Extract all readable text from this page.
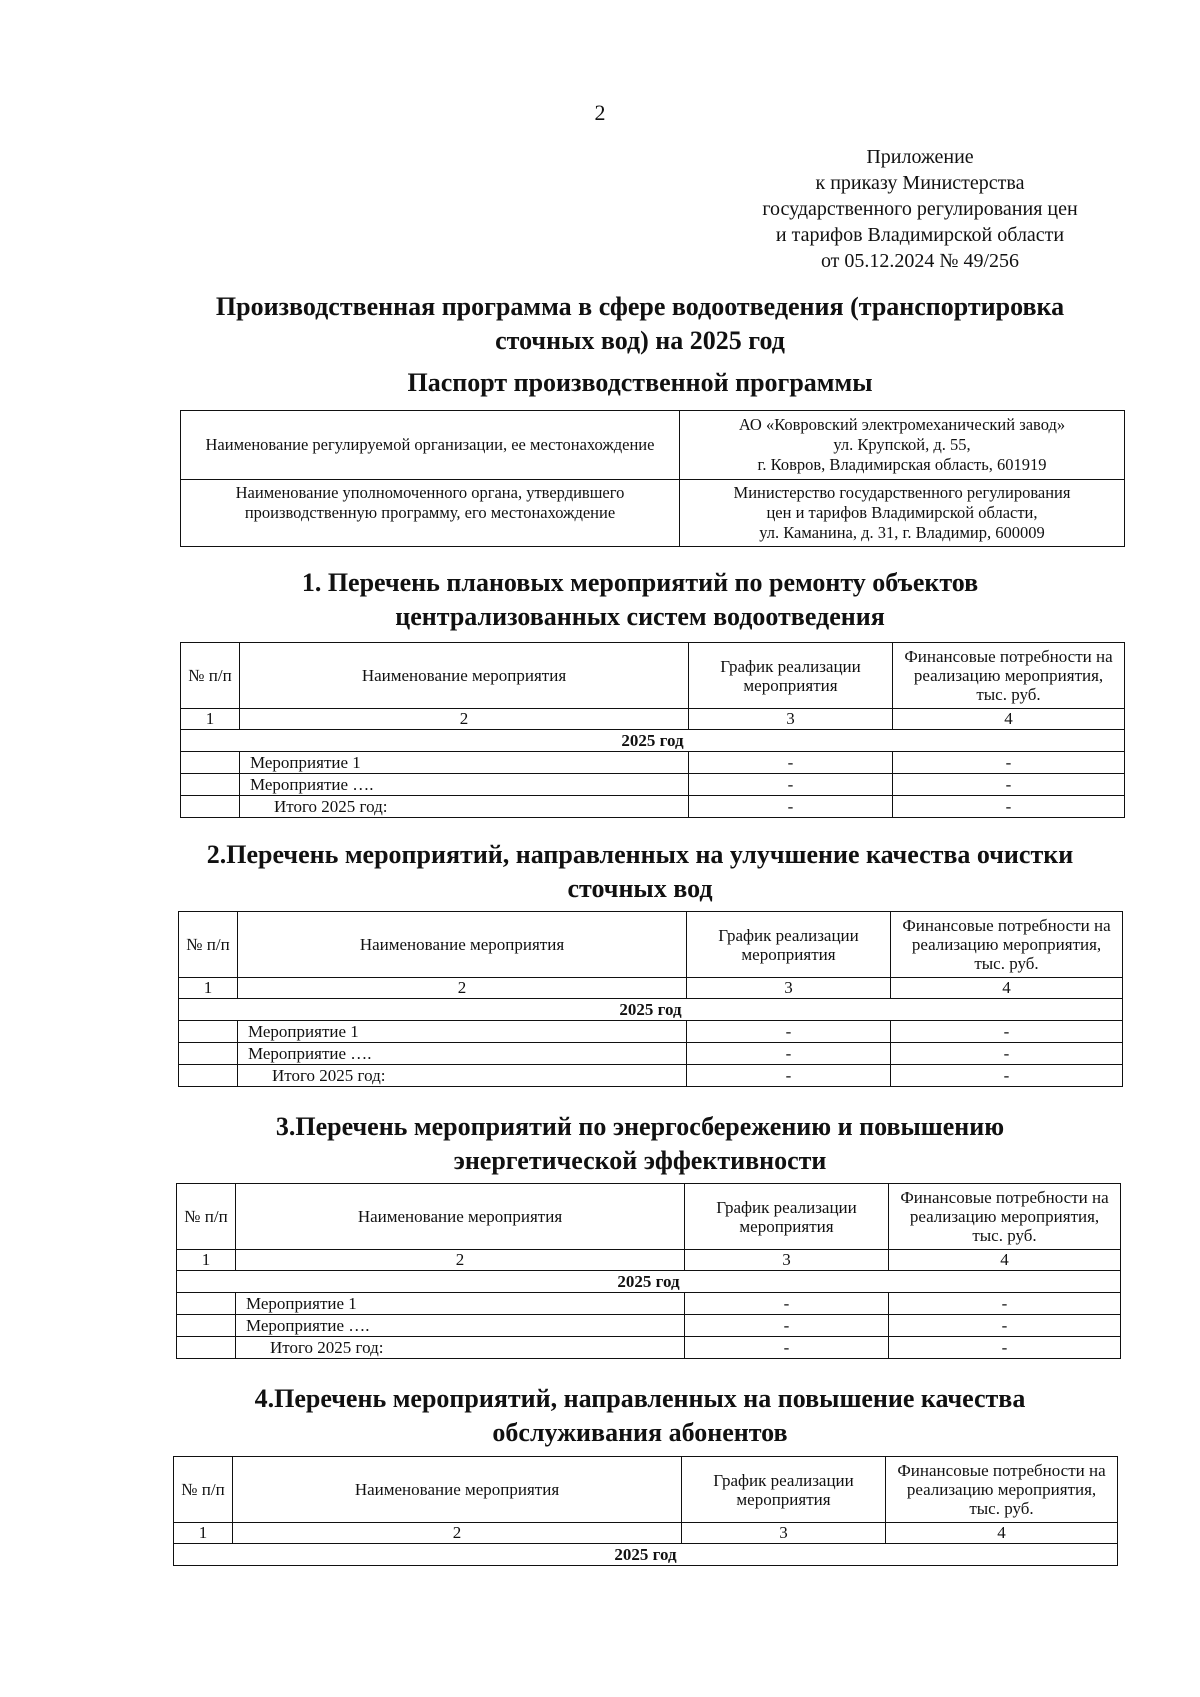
2
Приложение
к приказу Министерства
государственного регулирования цен
и тарифов Владимирской области
от 05.12.2024 № 49/256
Производственная программа в сфере водоотведения (транспортировка
сточных вод) на 2025 год
Паспорт производственной программы
Наименование регулируемой организации, ее местонахождение	АО «Ковровский электромеханический завод»
ул. Крупской, д. 55,
г. Ковров, Владимирская область, 601919

Наименование уполномоченного органа, утвердившего производственную программу, его местонахождение	Министерство государственного регулирования
цен и тарифов Владимирской области,
ул. Каманина, д. 31, г. Владимир, 600009
1. Перечень плановых мероприятий по ремонту объектов
централизованных систем водоотведения
№ п/п	Наименование мероприятия	График реализации мероприятия	Финансовые потребности на реализацию мероприятия, тыс. руб.
1	2	3	4
2025 год			
	Мероприятие 1	-	-
	Мероприятие ….	-	-
	Итого 2025 год:	-	-
2.Перечень мероприятий, направленных на улучшение качества очистки
сточных вод
№ п/п	Наименование мероприятия	График реализации мероприятия	Финансовые потребности на реализацию мероприятия, тыс. руб.
1	2	3	4
2025 год			
	Мероприятие 1	-	-
	Мероприятие ….	-	-
	Итого 2025 год:	-	-
3.Перечень мероприятий по энергосбережению и повышению
энергетической эффективности
№ п/п	Наименование мероприятия	График реализации мероприятия	Финансовые потребности на реализацию мероприятия, тыс. руб.
1	2	3	4
2025 год			
	Мероприятие 1	-	-
	Мероприятие ….	-	-
	Итого 2025 год:	-	-
4.Перечень мероприятий, направленных на повышение качества
обслуживания абонентов
№ п/п	Наименование мероприятия	График реализации мероприятия	Финансовые потребности на реализацию мероприятия, тыс. руб.
1	2	3	4
2025 год			
